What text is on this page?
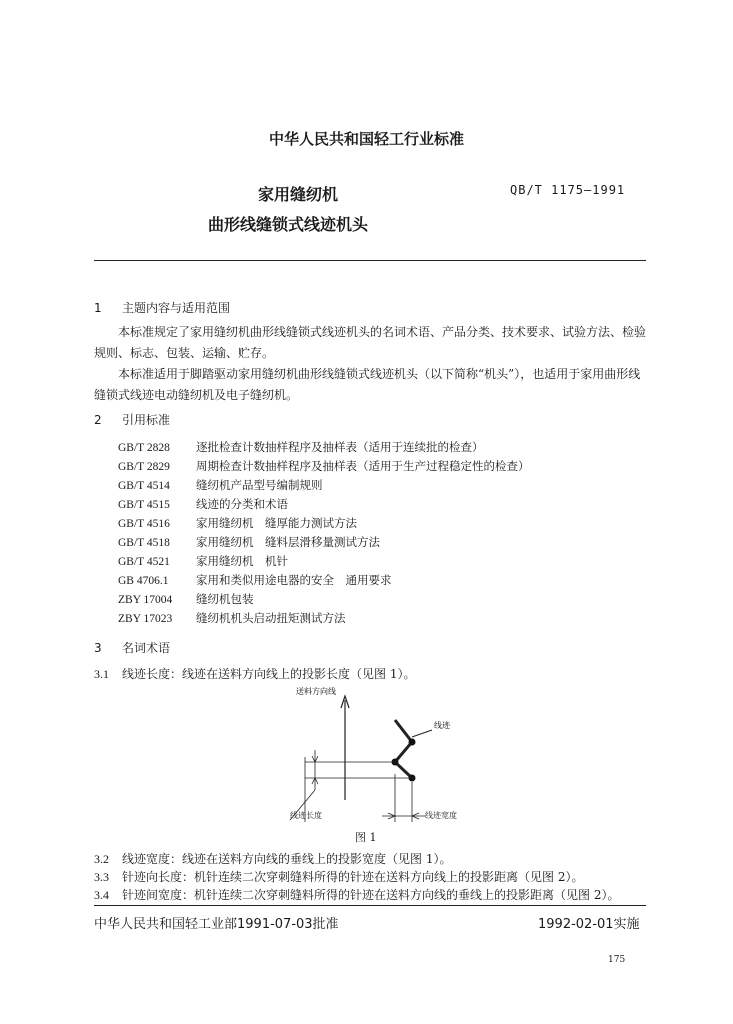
中华人民共和国轻工行业标准
家用缝纫机	QB/T 1175—1991
曲形线缝锁式线迹机头
1 主题内容与适用范围
本标准规定了家用缝纫机曲形线缝锁式线迹机头的名词术语、产品分类、技术要求、试验方法、检验规则、标志、包装、运输、贮存。
本标准适用于脚踏驱动家用缝纫机曲形线缝锁式线迹机头（以下简称“机头”），也适用于家用曲形线缝锁式线迹电动缝纫机及电子缝纫机。
2 引用标准
GB/T 2828 逐批检查计数抽样程序及抽样表（适用于连续批的检查）
GB/T 2829 周期检查计数抽样程序及抽样表（适用于生产过程稳定性的检查）
GB/T 4514 缝纫机产品型号编制规则
GB/T 4515 线迹的分类和术语
GB/T 4516 家用缝纫机　缝厚能力测试方法
GB/T 4518 家用缝纫机　缝料层滑移量测试方法
GB/T 4521 家用缝纫机　机针
GB 4706.1 家用和类似用途电器的安全　通用要求
ZBY 17004 缝纫机包装
ZBY 17023 缝纫机机头启动扭矩测试方法
3 名词术语
3.1 线迹长度：线迹在送料方向线上的投影长度（见图 1）。
送料方向线
线迹
线迹长度	线迹宽度
图 1
3.2 线迹宽度：线迹在送料方向线的垂线上的投影宽度（见图 1）。
3.3 针迹向长度：机针连续二次穿刺缝料所得的针迹在送料方向线上的投影距离（见图 2）。
3.4 针迹间宽度：机针连续二次穿刺缝料所得的针迹在送料方向线的垂线上的投影距离（见图 2）。
中华人民共和国轻工业部1991-07-03批准	1992-02-01实施
175
